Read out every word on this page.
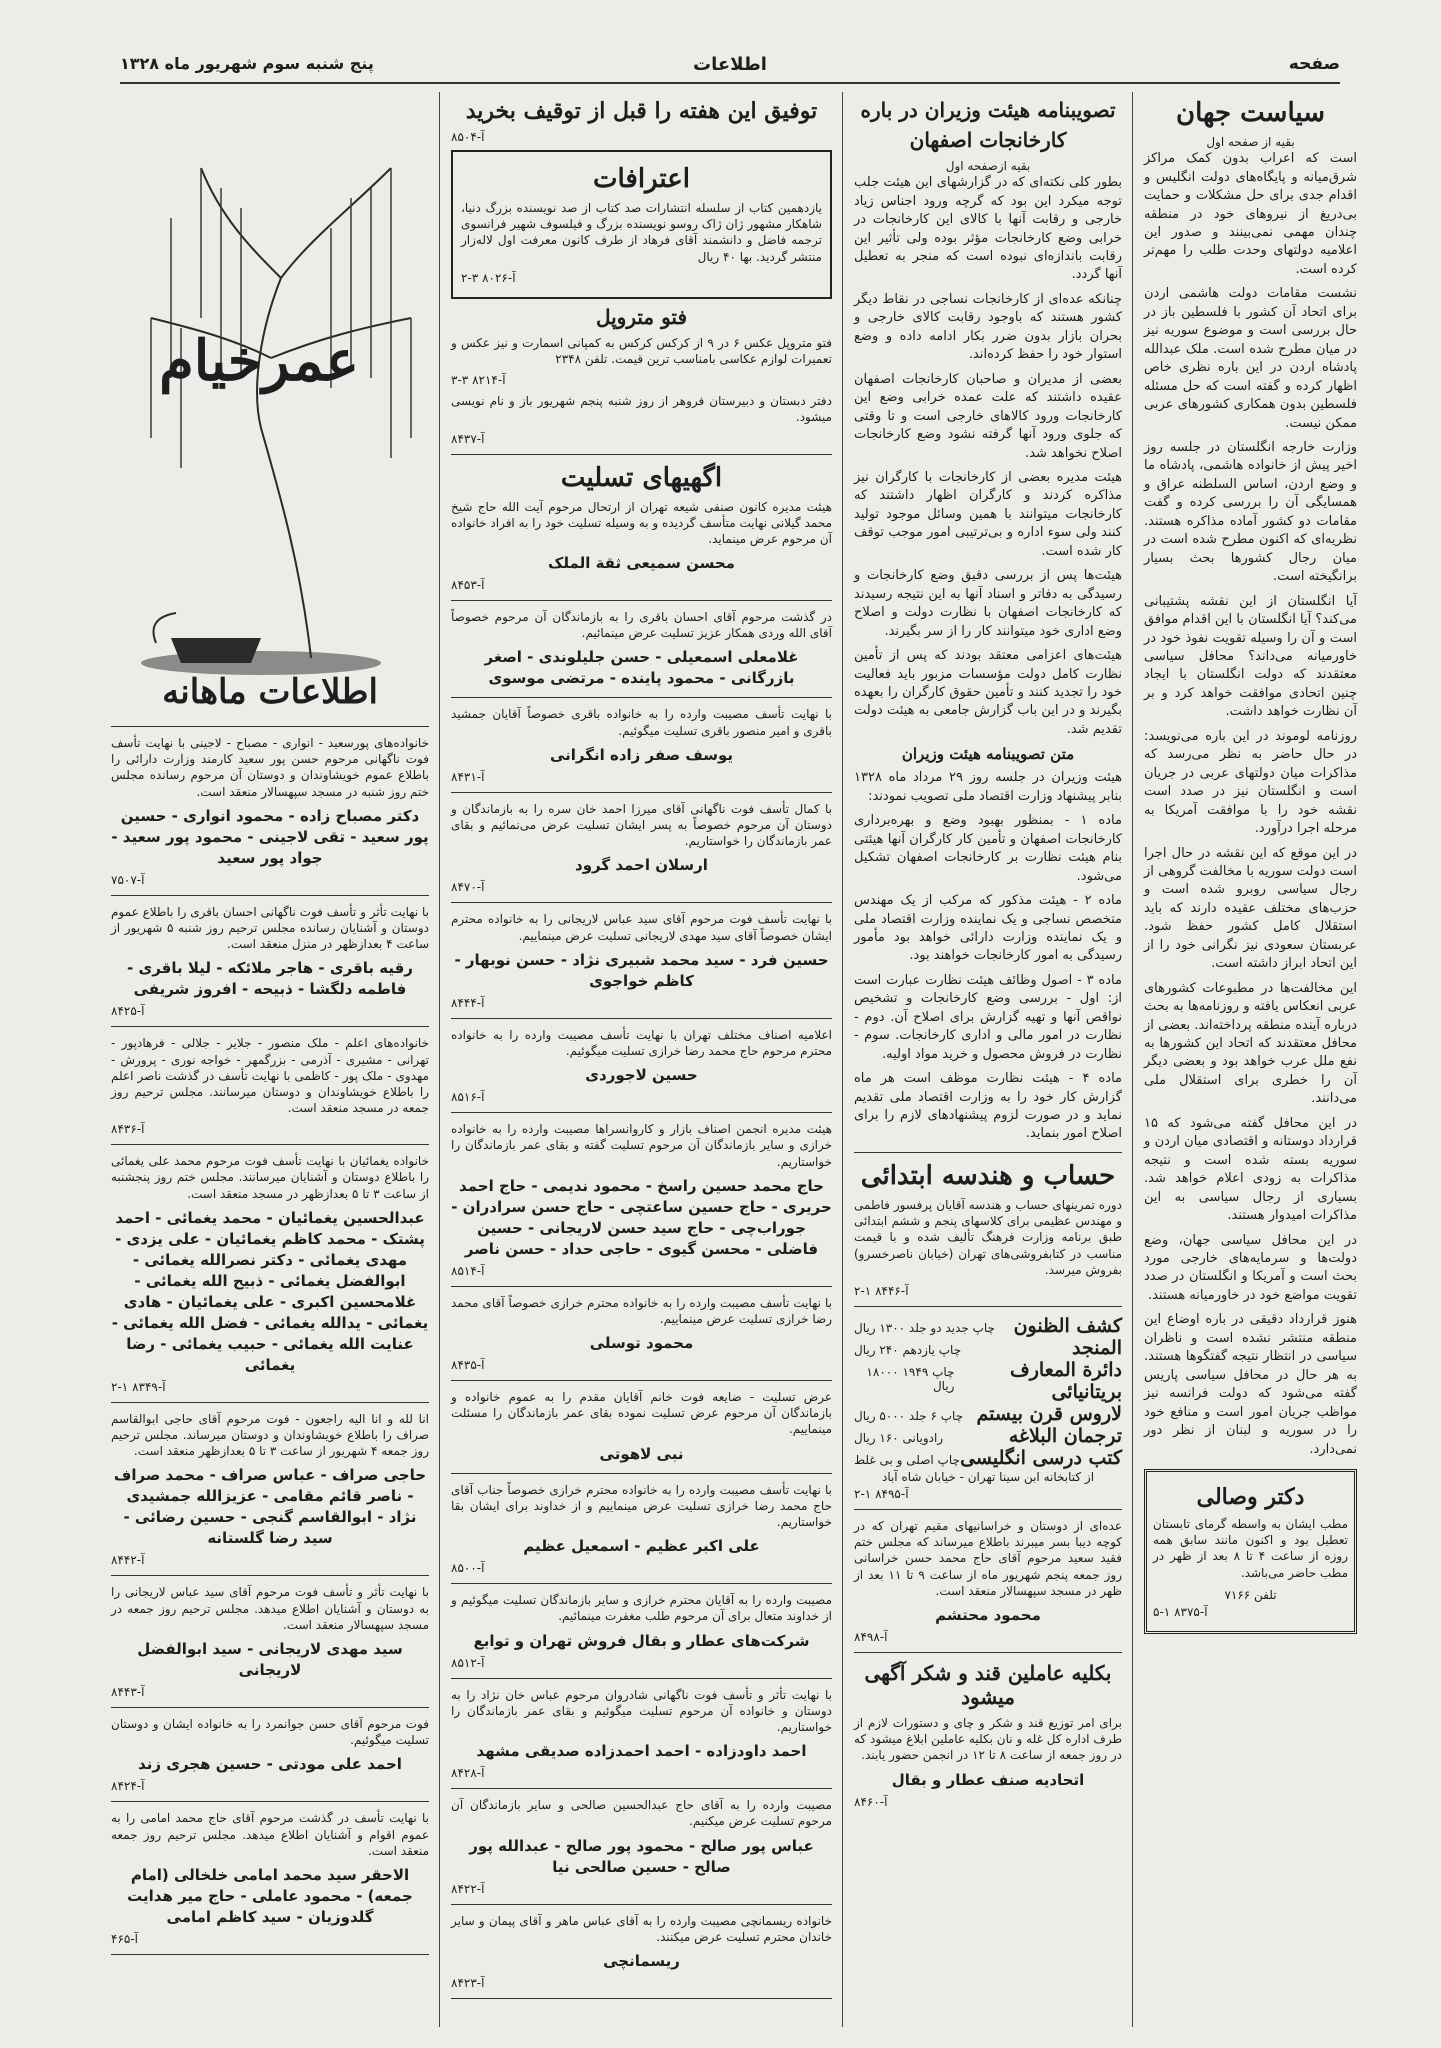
صفحه
اطلاعات
پنج شنبه سوم شهریور ماه ۱۳۲۸
سیاست جهان
بقیه از صفحه اول

است که اعراب بدون کمک مراکز شرق‌میانه و پایگاه‌های دولت انگلیس و اقدام جدی برای حل مشکلات و حمایت بی‌دریغ از نیروهای خود در منطقه چندان مهمی نمی‌بینند و صدور این اعلامیه دولتهای وحدت طلب را مهم‌تر کرده است.

نشست مقامات دولت هاشمی اردن برای اتحاد آن کشور با فلسطین باز در حال بررسی است و موضوع سوریه نیز در میان مطرح شده است. ملک عبدالله پادشاه اردن در این باره نظری خاص اظهار کرده و گفته است که حل مسئله فلسطین بدون همکاری کشورهای عربی ممکن نیست.

وزارت خارجه انگلستان در جلسه روز اخیر پیش از خانواده هاشمی، پادشاه ما و وضع اردن، اساس السلطنه عراق و همسایگی آن را بررسی کرده و گفت مقامات دو کشور آماده مذاکره هستند. نظریه‌ای که اکنون مطرح شده است در میان رجال کشورها بحث بسیار برانگیخته است.

آیا انگلستان از این نقشه پشتیبانی می‌کند؟ آیا انگلستان با این اقدام موافق است و آن را وسیله تقویت نفوذ خود در خاورمیانه می‌داند؟ محافل سیاسی معتقدند که دولت انگلستان با ایجاد چنین اتحادی موافقت خواهد کرد و بر آن نظارت خواهد داشت.

روزنامه لوموند در این باره می‌نویسد: در حال حاضر به نظر می‌رسد که مذاکرات میان دولتهای عربی در جریان است و انگلستان نیز در صدد است نقشه خود را با موافقت آمریکا به مرحله اجرا درآورد.

در این موقع که این نقشه در حال اجرا است دولت سوریه با مخالفت گروهی از رجال سیاسی روبرو شده است و حزب‌های مختلف عقیده دارند که باید استقلال کامل کشور حفظ شود. عربستان سعودی نیز نگرانی خود را از این اتحاد ابراز داشته است.

این مخالفت‌ها در مطبوعات کشورهای عربی انعکاس یافته و روزنامه‌ها به بحث درباره آینده منطقه پرداخته‌اند. بعضی از محافل معتقدند که اتحاد این کشورها به نفع ملل عرب خواهد بود و بعضی دیگر آن را خطری برای استقلال ملی می‌دانند.

در این محافل گفته می‌شود که ۱۵ قرارداد دوستانه و اقتصادی میان اردن و سوریه بسته شده است و نتیجه مذاکرات به زودی اعلام خواهد شد. بسیاری از رجال سیاسی به این مذاکرات امیدوار هستند.

در این محافل سیاسی جهان، وضع دولت‌ها و سرمایه‌های خارجی مورد بحث است و آمریکا و انگلستان در صدد تقویت مواضع خود در خاورمیانه هستند.

هنوز قرارداد دقیقی در باره اوضاع این منطقه منتشر نشده است و ناظران سیاسی در انتظار نتیجه گفتگوها هستند. به هر حال در محافل سیاسی پاریس گفته می‌شود که دولت فرانسه نیز مواظب جریان امور است و منافع خود را در سوریه و لبنان از نظر دور نمی‌دارد.

دکتر وصالی

مطب ایشان به واسطه گرمای تابستان تعطیل بود و اکنون مانند سابق همه روزه از ساعت ۴ تا ۸ بعد از ظهر در مطب حاضر می‌باشد.

تلفن ۷۱۶۶
آ-۸۳۷۵ ۱-۵
تصویبنامه هیئت وزیران در باره
کارخانجات اصفهان
بقیه ازصفحه اول

بطور کلی نکته‌ای که در گزارشهای این هیئت جلب توجه میکرد این بود که گرچه ورود اجناس زیاد خارجی و رقابت آنها با کالای این کارخانجات در خرابی وضع کارخانجات مؤثر بوده ولی تأثیر این رقابت باندازه‌ای نبوده است که منجر به تعطیل آنها گردد.

چنانکه عده‌ای از کارخانجات نساجی در نقاط دیگر کشور هستند که باوجود رقابت کالای خارجی و بحران بازار بدون ضرر بکار ادامه داده و وضع استوار خود را حفظ کرده‌اند.

بعضی از مدیران و صاحبان کارخانجات اصفهان عقیده داشتند که علت عمده خرابی وضع این کارخانجات ورود کالاهای خارجی است و تا وقتی که جلوی ورود آنها گرفته نشود وضع کارخانجات اصلاح نخواهد شد.

هیئت مدیره بعضی از کارخانجات با کارگران نیز مذاکره کردند و کارگران اظهار داشتند که کارخانجات میتوانند با همین وسائل موجود تولید کنند ولی سوء اداره و بی‌ترتیبی امور موجب توقف کار شده است.

هیئت‌ها پس از بررسی دقیق وضع کارخانجات و رسیدگی به دفاتر و اسناد آنها به این نتیجه رسیدند که کارخانجات اصفهان با نظارت دولت و اصلاح وضع اداری خود میتوانند کار را از سر بگیرند.

هیئت‌های اعزامی معتقد بودند که پس از تأمین نظارت کامل دولت مؤسسات مزبور باید فعالیت خود را تجدید کنند و تأمین حقوق کارگران را بعهده بگیرند و در این باب گزارش جامعی به هیئت دولت تقدیم شد.

متن تصویبنامه هیئت وزیران

هیئت وزیران در جلسه روز ۲۹ مرداد ماه ۱۳۲۸ بنابر پیشنهاد وزارت اقتصاد ملی تصویب نمودند:

ماده ۱ - بمنظور بهبود وضع و بهره‌برداری کارخانجات اصفهان و تأمین کار کارگران آنها هیئتی بنام هیئت نظارت بر کارخانجات اصفهان تشکیل می‌شود.

ماده ۲ - هیئت مذکور که مرکب از یک مهندس متخصص نساجی و یک نماینده وزارت اقتصاد ملی و یک نماینده وزارت دارائی خواهد بود مأمور رسیدگی به امور کارخانجات خواهند بود.

ماده ۳ - اصول وظائف هیئت نظارت عبارت است از: اول - بررسی وضع کارخانجات و تشخیص نواقص آنها و تهیه گزارش برای اصلاح آن. دوم - نظارت در امور مالی و اداری کارخانجات. سوم - نظارت در فروش محصول و خرید مواد اولیه.

ماده ۴ - هیئت نظارت موظف است هر ماه گزارش کار خود را به وزارت اقتصاد ملی تقدیم نماید و در صورت لزوم پیشنهادهای لازم را برای اصلاح امور بنماید.

حساب و هندسه ابتدائی

دوره تمرینهای حساب و هندسه آقایان پرفسور فاطمی و مهندس عظیمی برای کلاسهای پنجم و ششم ابتدائی طبق برنامه وزارت فرهنگ تألیف شده و با قیمت مناسب در کتابفروشی‌های تهران (خیابان ناصرخسرو) بفروش میرسد.

آ-۸۴۴۶ ۱-۲
کشف الظنون
چاپ جدید دو جلد ۱۳۰۰ ریال
المنجد
چاپ یازدهم ۲۴۰ ریال
دائرة المعارف بریتانیائی
چاپ ۱۹۴۹ ۱۸۰۰۰ ریال
لاروس قرن بیستم
چاپ ۶ جلد ۵۰۰۰ ریال
ترجمان البلاغه
رادویانی ۱۶۰ ریال
کتب درسی انگلیسی
چاپ اصلی و بی غلط
از کتابخانه ابن سینا تهران - خیابان شاه آباد
آ-۸۴۹۵ ۱-۲

عده‌ای از دوستان و خراسانیهای مقیم تهران که در کوچه دیبا بسر میبرند باطلاع میرساند که مجلس ختم فقید سعید مرحوم آقای حاج محمد حسن خراسانی روز جمعه پنجم شهریور ماه از ساعت ۹ تا ۱۱ بعد از ظهر در مسجد سپهسالار منعقد است.

محمود محتشم
آ-۸۴۹۸
بکلیه عاملین قند و شکر آگهی میشود

برای امر توزیع قند و شکر و چای و دستورات لازم از طرف اداره کل غله و نان بکلیه عاملین ابلاغ میشود که در روز جمعه از ساعت ۸ تا ۱۲ در انجمن حضور یابند.

اتحادیه صنف عطار و بقال
آ-۸۴۶۰
توفیق این هفته را قبل از توقیف بخرید
آ-۸۵۰۴
اعترافات

یازدهمین کتاب از سلسله انتشارات صد کتاب از صد نویسنده بزرگ دنیا، شاهکار مشهور ژان ژاک روسو نویسنده بزرگ و فیلسوف شهیر فرانسوی ترجمه فاضل و دانشمند آقای فرهاد از طرف کانون معرفت اول لاله‌زار منتشر گردید. بها ۴۰ ریال

آ-۸۰۲۶ ۳-۲
فتو متروپل

فتو متروپل عکس ۶ در ۹ از کرکس کرکس به کمپانی اسمارت و نیز عکس و تعمیرات لوازم عکاسی بامناسب ترین قیمت. تلفن ۲۳۴۸

آ-۸۲۱۴ ۳-۳

دفتر دبستان و دبیرستان فروهر از روز شنبه پنجم شهریور باز و نام نویسی میشود.

آ-۸۴۳۷
اگهیهای تسلیت

هیئت مدیره کانون صنفی شیعه تهران از ارتحال مرحوم آیت الله حاج شیخ محمد گیلانی نهایت متأسف گردیده و به وسیله تسلیت خود را به افراد خانواده آن مرحوم عرض مینماید.

محسن سمیعی ثقة الملک
آ-۸۴۵۳

در گذشت مرحوم آقای احسان باقری را به بازماندگان آن مرحوم خصوصاً آقای الله وردی همکار عزیز تسلیت عرض مینمائیم.

غلامعلی اسمعیلی - حسن جلیلوندی - اصغر بازرگانی - محمود پاینده - مرتضی موسوی

با نهایت تأسف مصیبت وارده را به خانواده باقری خصوصاً آقایان جمشید باقری و امیر منصور باقری تسلیت میگوئیم.

یوسف صفر زاده انگرانی
آ-۸۴۳۱

با کمال تأسف فوت ناگهانی آقای میرزا احمد خان سره را به بازماندگان و دوستان آن مرحوم خصوصاً به پسر ایشان تسلیت عرض می‌نمائیم و بقای عمر بازماندگان را خواستاریم.

ارسلان احمد گرود
آ-۸۴۷۰

با نهایت تأسف فوت مرحوم آقای سید عباس لاریجانی را به خانواده محترم ایشان خصوصاً آقای سید مهدی لاریجانی تسلیت عرض مینماییم.

حسین فرد - سید محمد شبیری نژاد - حسن نوبهار - کاظم خواجوی
آ-۸۴۴۴

اعلامیه اصناف مختلف تهران با نهایت تأسف مصیبت وارده را به خانواده محترم مرحوم حاج محمد رضا خرازی تسلیت میگوئیم.

حسین لاجوردی
آ-۸۵۱۶

هیئت مدیره انجمن اصناف بازار و کاروانسراها مصیبت وارده را به خانواده خرازی و سایر بازماندگان آن مرحوم تسلیت گفته و بقای عمر بازماندگان را خواستاریم.

حاج محمد حسین راسخ - محمود ندیمی - حاج احمد حریری - حاج حسین ساعتچی - حاج حسن سرادران - جوراب‌چی - حاج سید حسن لاریجانی - حسین فاضلی - محسن گیوی - حاجی حداد - حسن ناصر
آ-۸۵۱۴

با نهایت تأسف مصیبت وارده را به خانواده محترم خرازی خصوصاً آقای محمد رضا خرازی تسلیت عرض مینماییم.

محمود توسلی
آ-۸۴۳۵

عرض تسلیت - ضایعه فوت خانم آقایان مقدم را به عموم خانواده و بازماندگان آن مرحوم عرض تسلیت نموده بقای عمر بازماندگان را مسئلت مینماییم.

نبی لاهوتی

با نهایت تأسف مصیبت وارده را به خانواده محترم خرازی خصوصاً جناب آقای حاج محمد رضا خرازی تسلیت عرض مینماییم و از خداوند برای ایشان بقا خواستاریم.

علی اکبر عظیم - اسمعیل عظیم
آ-۸۵۰۰

مصیبت وارده را به آقایان محترم خرازی و سایر بازماندگان تسلیت میگوئیم و از خداوند متعال برای آن مرحوم طلب مغفرت مینمائیم.

شرکت‌های عطار و بقال فروش تهران و توابع
آ-۸۵۱۲

با نهایت تأثر و تأسف فوت ناگهانی شادروان مرحوم عباس خان نژاد را به دوستان و خانواده آن مرحوم تسلیت میگوئیم و بقای عمر بازماندگان را خواستاریم.

احمد داودزاده - احمد احمدزاده صدیقی مشهد
آ-۸۴۲۸

مصیبت وارده را به آقای حاج عبدالحسین صالحی و سایر بازماندگان آن مرحوم تسلیت عرض میکنیم.

عباس پور صالح - محمود پور صالح - عبدالله پور صالح - حسین صالحی نیا
آ-۸۴۲۲

خانواده ریسمانچی مصیبت وارده را به آقای عباس ماهر و آقای پیمان و سایر خاندان محترم تسلیت عرض میکنند.

ریسمانچی
آ-۸۴۲۳
عمرخیام
اطلاعات ماهانه

خانواده‌های پورسعید - انواری - مصباح - لاجینی با نهایت تأسف فوت ناگهانی مرحوم حسن پور سعید کارمند وزارت دارائی را باطلاع عموم خویشاوندان و دوستان آن مرحوم رسانده مجلس ختم روز شنبه در مسجد سپهسالار منعقد است.

دکتر مصباح زاده - محمود انواری - حسین پور سعید - تقی لاجینی - محمود پور سعید - جواد پور سعید
آ-۷۵۰۷

با نهایت تأثر و تأسف فوت ناگهانی احسان باقری را باطلاع عموم دوستان و آشنایان رسانده مجلس ترحیم روز شنبه ۵ شهریور از ساعت ۴ بعدازظهر در منزل منعقد است.

رقیه باقری - هاجر ملائکه - لیلا باقری - فاطمه دلگشا - ذبیحه - افروز شریفی
آ-۸۴۲۵

خانواده‌های اعلم - ملک منصور - جلایر - جلالی - فرهادپور - تهرانی - مشیری - آذرمی - بزرگمهر - خواجه نوری - پرورش - مهدوی - ملک پور - کاظمی با نهایت تأسف در گذشت ناصر اعلم را باطلاع خویشاوندان و دوستان میرسانند. مجلس ترحیم روز جمعه در مسجد منعقد است.

آ-۸۴۳۶

خانواده یغمائیان با نهایت تأسف فوت مرحوم محمد علی یغمائی را باطلاع دوستان و آشنایان میرسانند. مجلس ختم روز پنجشنبه از ساعت ۳ تا ۵ بعدازظهر در مسجد منعقد است.

عبدالحسین یغمائیان - محمد یغمائی - احمد پشتک - محمد کاظم یغمائیان - علی یزدی - مهدی یغمائی - دکتر نصرالله یغمائی - ابوالفضل یغمائی - ذبیح الله یغمائی - غلامحسین اکبری - علی یغمائیان - هادی یغمائی - یدالله یغمائی - فضل الله یغمائی - عنایت الله یغمائی - حبیب یغمائی - رضا یغمائی
آ-۸۳۴۹ ۱-۲

انا لله و انا الیه راجعون - فوت مرحوم آقای حاجی ابوالقاسم صراف را باطلاع خویشاوندان و دوستان میرساند. مجلس ترحیم روز جمعه ۴ شهریور از ساعت ۳ تا ۵ بعدازظهر منعقد است.

حاجی صراف - عباس صراف - محمد صراف - ناصر قائم مقامی - عزیزالله جمشیدی نژاد - ابوالقاسم گنجی - حسین رضائی - سید رضا گلستانه
آ-۸۴۴۲

با نهایت تأثر و تأسف فوت مرحوم آقای سید عباس لاریجانی را به دوستان و آشنایان اطلاع میدهد. مجلس ترحیم روز جمعه در مسجد سپهسالار منعقد است.

سید مهدی لاریجانی - سید ابوالفضل لاریجانی
آ-۸۴۴۳

فوت مرحوم آقای حسن جوانمرد را به خانواده ایشان و دوستان تسلیت میگوئیم.

احمد علی مودتی - حسین هجری زند
آ-۸۴۲۴

با نهایت تأسف در گذشت مرحوم آقای حاج محمد امامی را به عموم اقوام و آشنایان اطلاع میدهد. مجلس ترحیم روز جمعه منعقد است.

الاحقر سید محمد امامی خلخالی (امام جمعه) - محمود عاملی - حاج میر هدایت گلدوزیان - سید کاظم امامی
آ-۴۶۵
